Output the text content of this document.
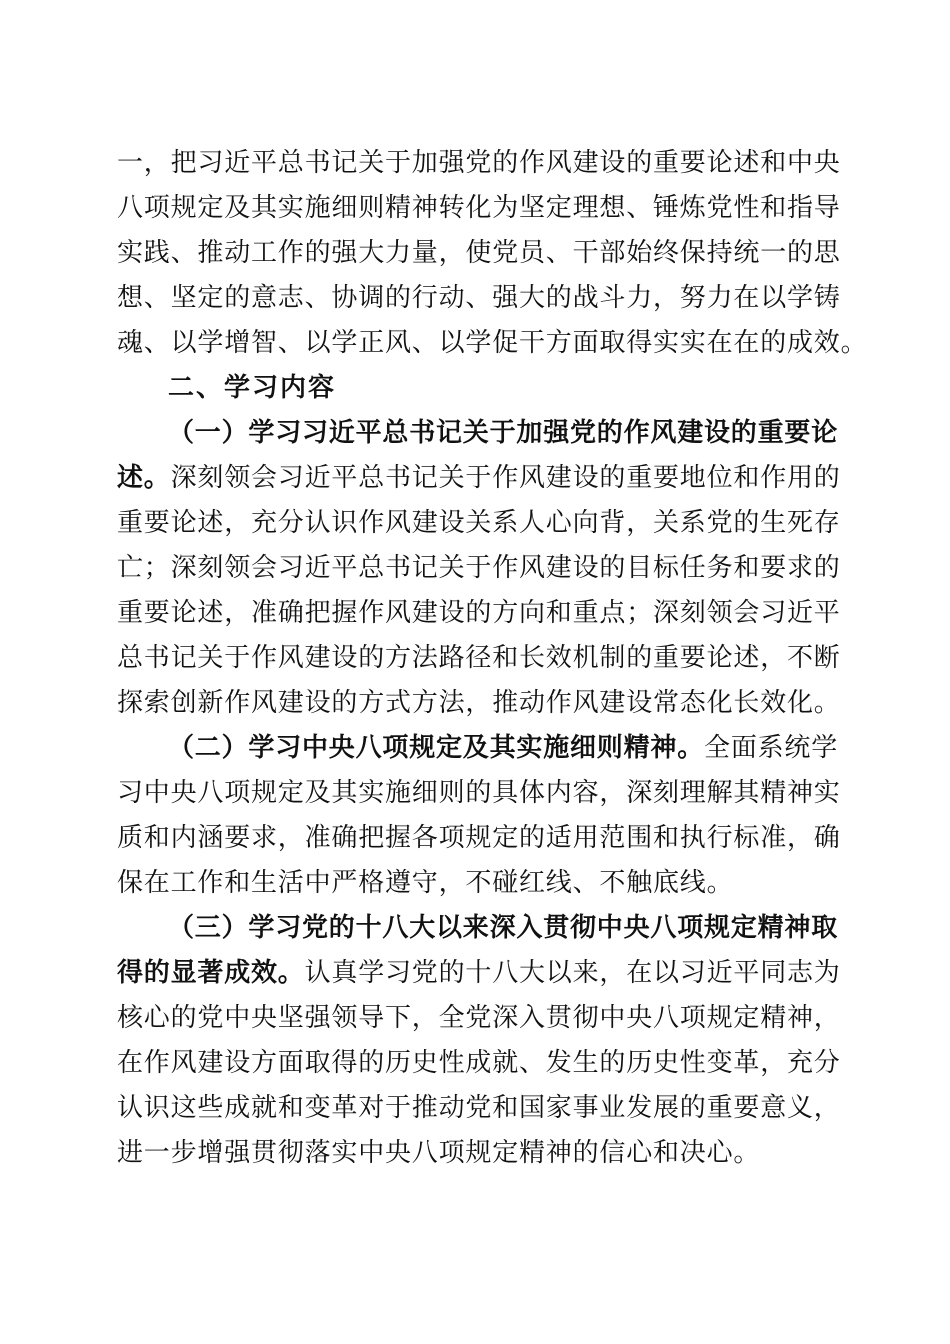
一，把习近平总书记关于加强党的作风建设的重要论述和中央
八项规定及其实施细则精神转化为坚定理想、锤炼党性和指导
实践、推动工作的强大力量，使党员、干部始终保持统一的思
想、坚定的意志、协调的行动、强大的战斗力，努力在以学铸
魂、以学增智、以学正风、以学促干方面取得实实在在的成效。
二、学习内容
（一）学习习近平总书记关于加强党的作风建设的重要论
述。深刻领会习近平总书记关于作风建设的重要地位和作用的
重要论述，充分认识作风建设关系人心向背，关系党的生死存
亡；深刻领会习近平总书记关于作风建设的目标任务和要求的
重要论述，准确把握作风建设的方向和重点；深刻领会习近平
总书记关于作风建设的方法路径和长效机制的重要论述，不断
探索创新作风建设的方式方法，推动作风建设常态化长效化。
（二）学习中央八项规定及其实施细则精神。全面系统学
习中央八项规定及其实施细则的具体内容，深刻理解其精神实
质和内涵要求，准确把握各项规定的适用范围和执行标准，确
保在工作和生活中严格遵守，不碰红线、不触底线。
（三）学习党的十八大以来深入贯彻中央八项规定精神取
得的显著成效。认真学习党的十八大以来，在以习近平同志为
核心的党中央坚强领导下，全党深入贯彻中央八项规定精神，
在作风建设方面取得的历史性成就、发生的历史性变革，充分
认识这些成就和变革对于推动党和国家事业发展的重要意义，
进一步增强贯彻落实中央八项规定精神的信心和决心。
